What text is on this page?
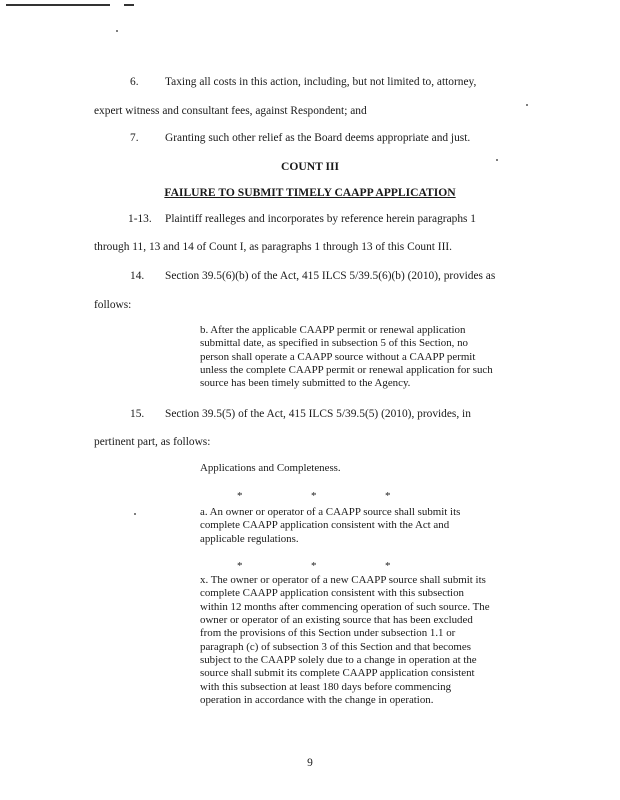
6. Taxing all costs in this action, including, but not limited to, attorney,
expert witness and consultant fees, against Respondent; and
7. Granting such other relief as the Board deems appropriate and just.
COUNT III
FAILURE TO SUBMIT TIMELY CAAPP APPLICATION
1-13. Plaintiff realleges and incorporates by reference herein paragraphs 1
through 11, 13 and 14 of Count I, as paragraphs 1 through 13 of this Count III.
14. Section 39.5(6)(b) of the Act, 415 ILCS 5/39.5(6)(b) (2010), provides as
follows:
b. After the applicable CAAPP permit or renewal application
submittal date, as specified in subsection 5 of this Section, no
person shall operate a CAAPP source without a CAAPP permit
unless the complete CAAPP permit or renewal application for such
source has been timely submitted to the Agency.
15. Section 39.5(5) of the Act, 415 ILCS 5/39.5(5) (2010), provides, in
pertinent part, as follows:
Applications and Completeness.
*	*	*
a. An owner or operator of a CAAPP source shall submit its
complete CAAPP application consistent with the Act and
applicable regulations.
*	*	*
x. The owner or operator of a new CAAPP source shall submit its
complete CAAPP application consistent with this subsection
within 12 months after commencing operation of such source. The
owner or operator of an existing source that has been excluded
from the provisions of this Section under subsection 1.1 or
paragraph (c) of subsection 3 of this Section and that becomes
subject to the CAAPP solely due to a change in operation at the
source shall submit its complete CAAPP application consistent
with this subsection at least 180 days before commencing
operation in accordance with the change in operation.
9
